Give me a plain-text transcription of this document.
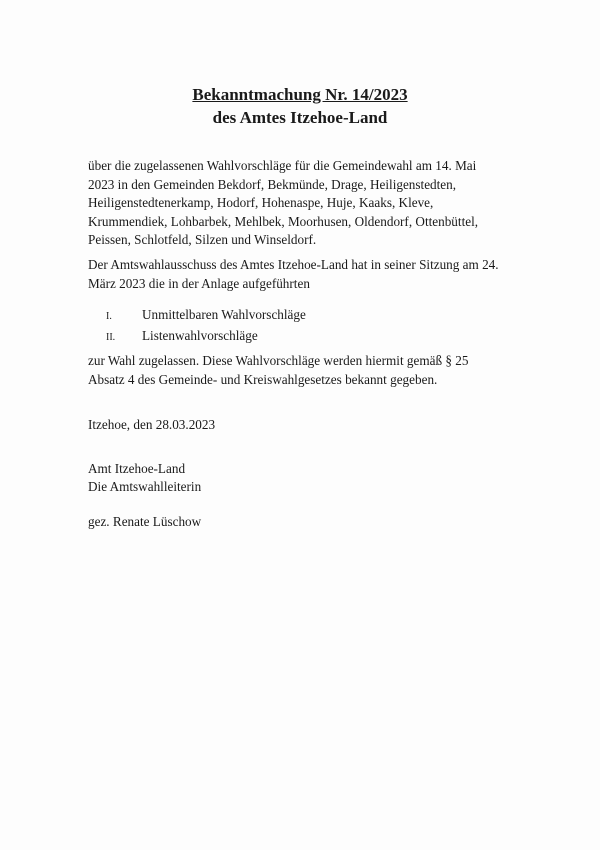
Bekanntmachung Nr. 14/2023
des Amtes Itzehoe-Land

über die zugelassenen Wahlvorschläge für die Gemeindewahl am 14. Mai
2023 in den Gemeinden Bekdorf, Bekmünde, Drage, Heiligenstedten,
Heiligenstedtenerkamp, Hodorf, Hohenaspe, Huje, Kaaks, Kleve,
Krummendiek, Lohbarbek, Mehlbek, Moorhusen, Oldendorf, Ottenbüttel,
Peissen, Schlotfeld, Silzen und Winseldorf.

Der Amtswahlausschuss des Amtes Itzehoe-Land hat in seiner Sitzung am 24.
März 2023 die in der Anlage aufgeführten

I.	Unmittelbaren Wahlvorschläge
II.	Listenwahlvorschläge

zur Wahl zugelassen. Diese Wahlvorschläge werden hiermit gemäß § 25
Absatz 4 des Gemeinde- und Kreiswahlgesetzes bekannt gegeben.

Itzehoe, den 28.03.2023
Amt Itzehoe-Land
Die Amtswahlleiterin
gez. Renate Lüschow
